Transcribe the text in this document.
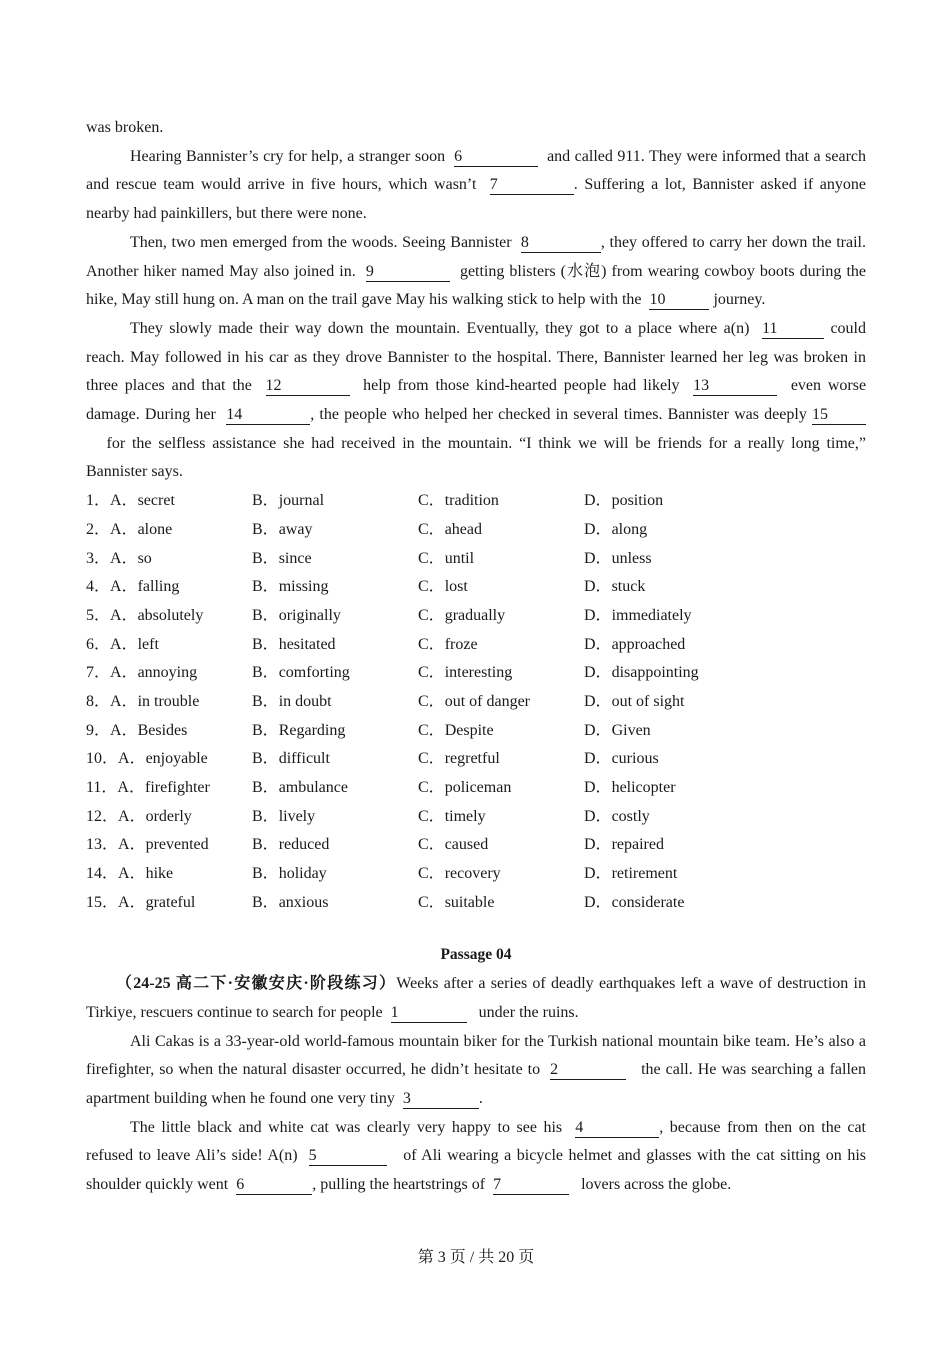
was broken.

Hearing Bannister’s cry for help, a stranger soon 6	and called 911. They were informed that a search and rescue team would arrive in five hours, which wasn’t 7	. Suffering a lot, Bannister asked if anyone nearby had painkillers, but there were none.

Then, two men emerged from the woods. Seeing Bannister 8	, they offered to carry her down the trail. Another hiker named May also joined in. 9	getting blisters (水泡) from wearing cowboy boots during the hike, May still hung on. A man on the trail gave May his walking stick to help with the 10	journey.

They slowly made their way down the mountain. Eventually, they got to a place where a(n) 11	could reach. May followed in his car as they drove Bannister to the hospital. There, Bannister learned her leg was broken in three places and that the 12	help from those kind-hearted people had likely 13	even worse damage. During her 14	, the people who helped her checked in several times. Bannister was deeply 15   for the selfless assistance she had received in the mountain. “I think we will be friends for a really long time,” Bannister says.

1．A．secret	B．journal	C．tradition	D．position
2．A．alone	B．away	C．ahead	D．along
3．A．so	B．since	C．until	D．unless
4．A．falling	B．missing	C．lost	D．stuck
5．A．absolutely	B．originally	C．gradually	D．immediately
6．A．left	B．hesitated	C．froze	D．approached
7．A．annoying	B．comforting	C．interesting	D．disappointing
8．A．in trouble	B．in doubt	C．out of danger	D．out of sight
9．A．Besides	B．Regarding	C．Despite	D．Given
10．A．enjoyable	B．difficult	C．regretful	D．curious
11．A．firefighter	B．ambulance	C．policeman	D．helicopter
12．A．orderly	B．lively	C．timely	D．costly
13．A．prevented	B．reduced	C．caused	D．repaired
14．A．hike	B．holiday	C．recovery	D．retirement
15．A．grateful	B．anxious	C．suitable	D．considerate
Passage 04

（24-25 高二下·安徽安庆·阶段练习）Weeks after a series of deadly earthquakes left a wave of destruction in Tirkiye, rescuers continue to search for people 1	under the ruins.

Ali Cakas is a 33-year-old world-famous mountain biker for the Turkish national mountain bike team. He’s also a firefighter, so when the natural disaster occurred, he didn’t hesitate to 2	the call. He was searching a fallen apartment building when he found one very tiny 3	.

The little black and white cat was clearly very happy to see his 4	, because from then on the cat refused to leave Ali’s side! A(n) 5	of Ali wearing a bicycle helmet and glasses with the cat sitting on his shoulder quickly went 6	, pulling the heartstrings of 7	lovers across the globe.

第 3 页 / 共 20 页
